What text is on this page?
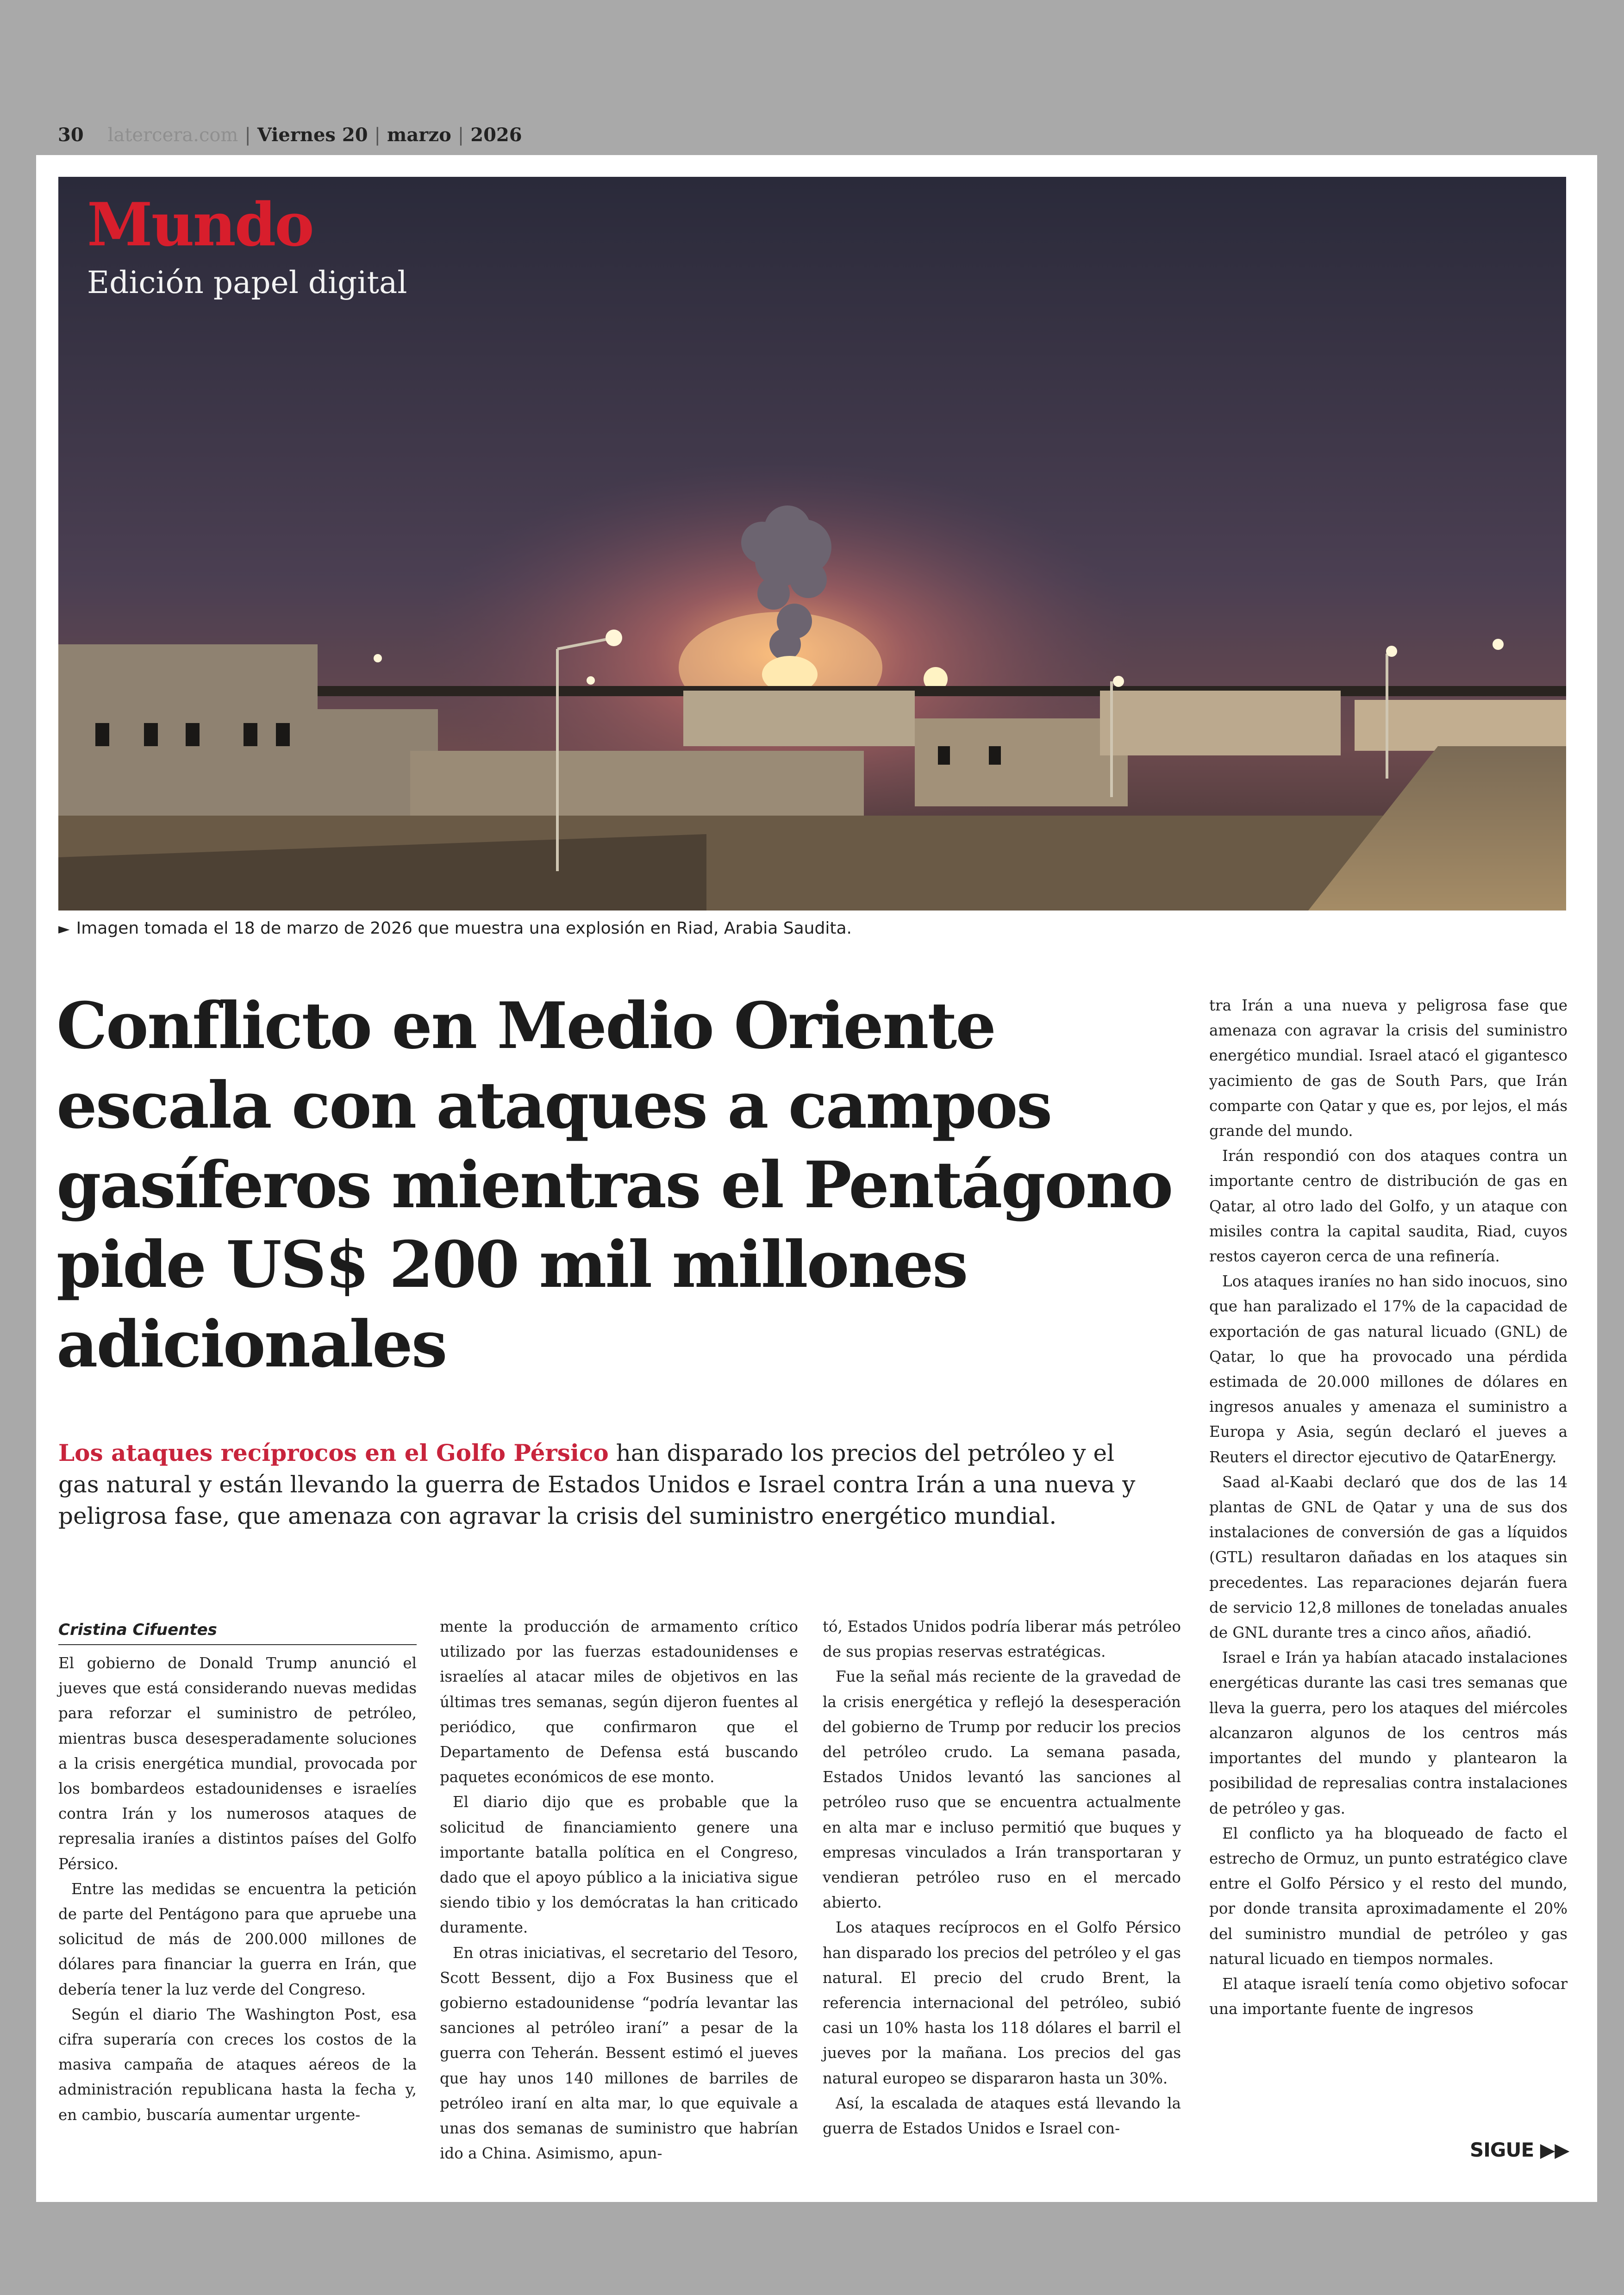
30 latercera.com | Viernes 20 | marzo | 2026
Mundo
Edición papel digital
► Imagen tomada el 18 de marzo de 2026 que muestra una explosión en Riad, Arabia Saudita.
Conflicto en Medio Oriente escala con ataques a campos gasíferos mientras el Pentágono pide US$ 200 mil millones adicionales
Los ataques recíprocos en el Golfo Pérsico han disparado los precios del petróleo y el gas natural y están llevando la guerra de Estados Unidos e Israel contra Irán a una nueva y peligrosa fase, que amenaza con agravar la crisis del suministro energético mundial.
Cristina Cifuentes

El gobierno de Donald Trump anunció el jueves que está considerando nuevas medidas para reforzar el suministro de petróleo, mientras busca desesperadamente soluciones a la crisis energética mundial, provocada por los bombardeos estadounidenses e israelíes contra Irán y los numerosos ataques de represalia iraníes a distintos países del Golfo Pérsico.

Entre las medidas se encuentra la petición de parte del Pentágono para que apruebe una solicitud de más de 200.000 millones de dólares para financiar la guerra en Irán, que debería tener la luz verde del Congreso.

Según el diario The Washington Post, esa cifra superaría con creces los costos de la masiva campaña de ataques aéreos de la administración republicana hasta la fecha y, en cambio, buscaría aumentar urgente-

mente la producción de armamento crítico utilizado por las fuerzas estadounidenses e israelíes al atacar miles de objetivos en las últimas tres semanas, según dijeron fuentes al periódico, que confirmaron que el Departamento de Defensa está buscando paquetes económicos de ese monto.

El diario dijo que es probable que la solicitud de financiamiento genere una importante batalla política en el Congreso, dado que el apoyo público a la iniciativa sigue siendo tibio y los demócratas la han criticado duramente.

En otras iniciativas, el secretario del Tesoro, Scott Bessent, dijo a Fox Business que el gobierno estadounidense “podría levantar las sanciones al petróleo iraní” a pesar de la guerra con Teherán. Bessent estimó el jueves que hay unos 140 millones de barriles de petróleo iraní en alta mar, lo que equivale a unas dos semanas de suministro que habrían ido a China. Asimismo, apun-

tó, Estados Unidos podría liberar más petróleo de sus propias reservas estratégicas.

Fue la señal más reciente de la gravedad de la crisis energética y reflejó la desesperación del gobierno de Trump por reducir los precios del petróleo crudo. La semana pasada, Estados Unidos levantó las sanciones al petróleo ruso que se encuentra actualmente en alta mar e incluso permitió que buques y empresas vinculados a Irán transportaran y vendieran petróleo ruso en el mercado abierto.

Los ataques recíprocos en el Golfo Pérsico han disparado los precios del petróleo y el gas natural. El precio del crudo Brent, la referencia internacional del petróleo, subió casi un 10% hasta los 118 dólares el barril el jueves por la mañana. Los precios del gas natural europeo se dispararon hasta un 30%.

Así, la escalada de ataques está llevando la guerra de Estados Unidos e Israel con-

tra Irán a una nueva y peligrosa fase que amenaza con agravar la crisis del suministro energético mundial. Israel atacó el gigantesco yacimiento de gas de South Pars, que Irán comparte con Qatar y que es, por lejos, el más grande del mundo.

Irán respondió con dos ataques contra un importante centro de distribución de gas en Qatar, al otro lado del Golfo, y un ataque con misiles contra la capital saudita, Riad, cuyos restos cayeron cerca de una refinería.

Los ataques iraníes no han sido inocuos, sino que han paralizado el 17% de la capacidad de exportación de gas natural licuado (GNL) de Qatar, lo que ha provocado una pérdida estimada de 20.000 millones de dólares en ingresos anuales y amenaza el suministro a Europa y Asia, según declaró el jueves a Reuters el director ejecutivo de QatarEnergy.

Saad al-Kaabi declaró que dos de las 14 plantas de GNL de Qatar y una de sus dos instalaciones de conversión de gas a líquidos (GTL) resultaron dañadas en los ataques sin precedentes. Las reparaciones dejarán fuera de servicio 12,8 millones de toneladas anuales de GNL durante tres a cinco años, añadió.

Israel e Irán ya habían atacado instalaciones energéticas durante las casi tres semanas que lleva la guerra, pero los ataques del miércoles alcanzaron algunos de los centros más importantes del mundo y plantearon la posibilidad de represalias contra instalaciones de petróleo y gas.

El conflicto ya ha bloqueado de facto el estrecho de Ormuz, un punto estratégico clave entre el Golfo Pérsico y el resto del mundo, por donde transita aproximadamente el 20% del suministro mundial de petróleo y gas natural licuado en tiempos normales.

El ataque israelí tenía como objetivo sofocar una importante fuente de ingresos

SIGUE ▶▶
